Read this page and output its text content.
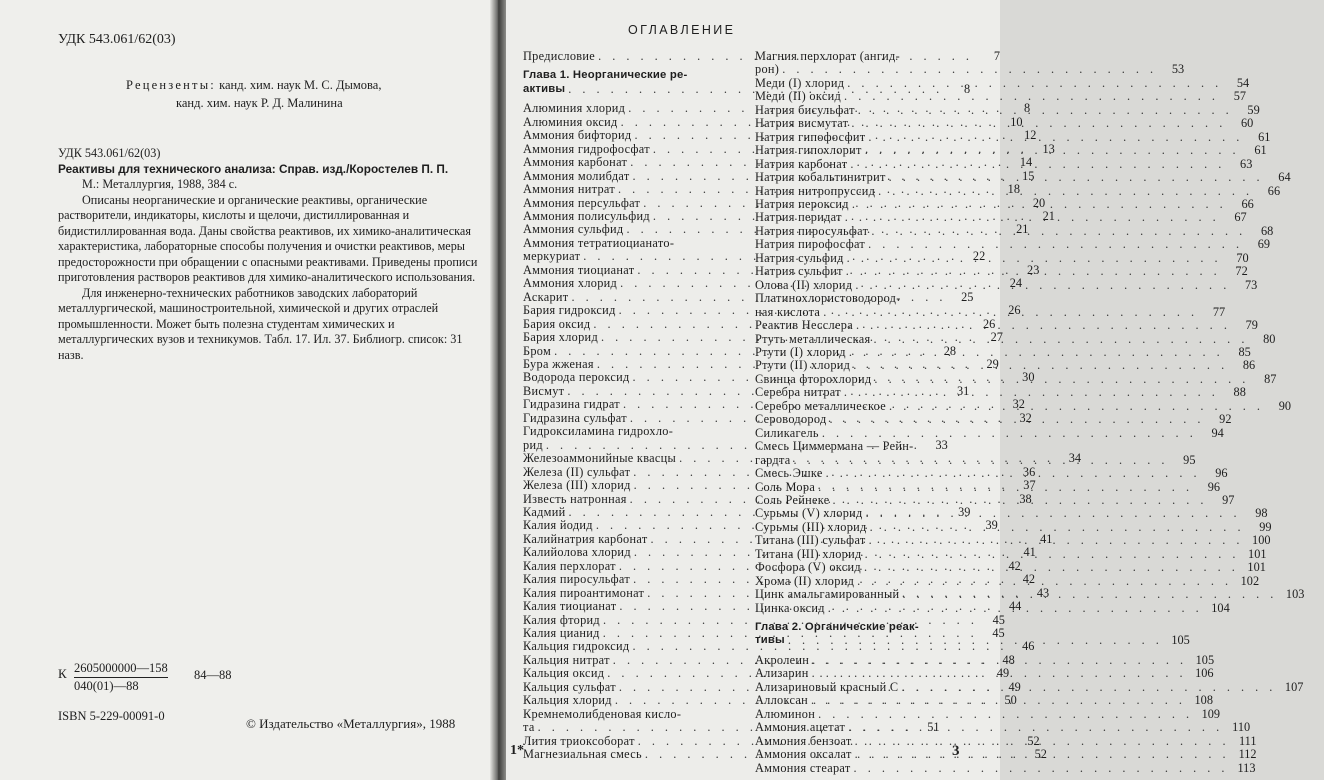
УДК 543.061/62(03)
Рецензенты: канд. хим. наук М. С. Дымова,
канд. хим. наук Р. Д. Малинина

УДК 543.061/62(03)

Реактивы для технического анализа: Справ. изд./Коростелев П. П.

М.: Металлургия, 1988, 384 с.

Описаны неорганические и органические реактивы, органические растворители, индикаторы, кислоты и щелочи, дистиллированная и бидистиллированная вода. Даны свойства реактивов, их химико-аналитическая характеристика, лабораторные способы получения и очистки реактивов, меры предосторожности при обращении с опасными реактивами. Приведены прописи приготовления растворов реактивов для химико-аналитического использования.

Для инженерно-технических работников заводских лабораторий металлургической, машиностроительной, химической и других отраслей промышленности. Может быть полезна студентам химических и металлургических вузов и техникумов. Табл. 17. Ил. 37. Библиогр. список: 31 назв.

К $\frac{2605000000—158}{040(01)—88}$ 84—88
ISBN 5-229-00091-0	© Издательство «Металлургия», 1988
1*
ОГЛАВЛЕНИЕ
Предисловие . . .	7
Глава 1. Неорганические ре-
активы . . .	8
Алюминия хлорид . . .	8
Алюминия оксид . . .	10
Аммония бифторид . . .	12
Аммония гидрофосфат . . .	13
Аммония карбонат . . .	14
Аммония молибдат . . .	15
Аммония нитрат . . .	18
Аммония персульфат . . .	20
Аммония полисульфид . . .	21
Аммония сульфид . . .	21
Аммония тетратиоцианато-
меркуриат . . .	22
Аммония тиоцианат . . .	23
Аммония хлорид . . .	24
Аскарит . . .	25
Бария гидроксид . . .	26
Бария оксид . . .	26
Бария хлорид . . .	27
Бром . . .	28
Бура жженая . . .	29
Водорода пероксид . . .	30
Висмут . . .	31
Гидразина гидрат . . .	32
Гидразина сульфат . . .	32
Гидроксиламина гидрохло-
рид . . .	33
Железоаммонийные квасцы . . .	34
Железа (II) сульфат . . .	36
Железа (III) хлорид . . .	37
Известь натронная . . .	38
Кадмий . . .	39
Калия йодид . . .	39
Калийнатрия карбонат . . .	41
Калийолова хлорид . . .	41
Калия перхлорат . . .	42
Калия пиросульфат . . .	42
Калия пироантимонат . . .	43
Калия тиоцианат . . .	44
Калия фторид . . .	45
Калия цианид . . .	45
Кальция гидроксид . . .	46
Кальция нитрат . . .	48
Кальция оксид . . .	49
Кальция сульфат . . .	49
Кальция хлорид . . .	50
Кремнемолибденовая кисло-
та . . .	51
Лития триоксоборат . . .	52
Магнезиальная смесь . . .	52
Магния перхлорат (ангид-
рон) . . .	53
Меди (I) хлорид . . .	54
Меди (II) оксид . . .	57
Натрия бисульфат . . .	59
Натрия висмутат . . .	60
Натрия гипофосфит . . .	61
Натрия гипохлорит . . .	61
Натрия карбонат . . .	63
Натрия кобальтинитрит . . .	64
Натрия нитропруссид . . .	66
Натрия пероксид . . .	66
Натрия перидат . . .	67
Натрия пиросульфат . . .	68
Натрия пирофосфат . . .	69
Натрия сульфид . . .	70
Натрия сульфит . . .	72
Олова (II) хлорид . . .	73
Платинохлористоводород-
ная кислота . . .	77
Реактив Несслера . . .	79
Ртуть металлическая . . .	80
Ртути (I) хлорид . . .	85
Ртути (II) хлорид . . .	86
Свинца фторохлорид . . .	87
Серебра нитрат . . .	88
Серебро металлическое . . .	90
Сероводород . . .	92
Силикагель . . .	94
Смесь Циммермана — Рейн-
гардта . . .	95
Смесь Эшке . . .	96
Соль Мора . . .	96
Соль Рейнеке . . .	97
Сурьмы (V) хлорид . . .	98
Сурьмы (III) хлорид . . .	99
Титана (III) сульфат . . .	100
Титана (III) хлорид . . .	101
Фосфора (V) оксид . . .	101
Хрома (II) хлорид . . .	102
Цинк амальгамированный . . .	103
Цинка оксид . . .	104
Глава 2. Органические реак-
тивы . . .	105
Акролеин . . .	105
Ализарин . . .	106
Ализариновый красный С . . .	107
Аллоксан . . .	108
Алюминон . . .	109
Аммония ацетат . . .	110
Аммония бензоат . . .	111
Аммония оксалат . . .	112
Аммония стеарат . . .	113
3
